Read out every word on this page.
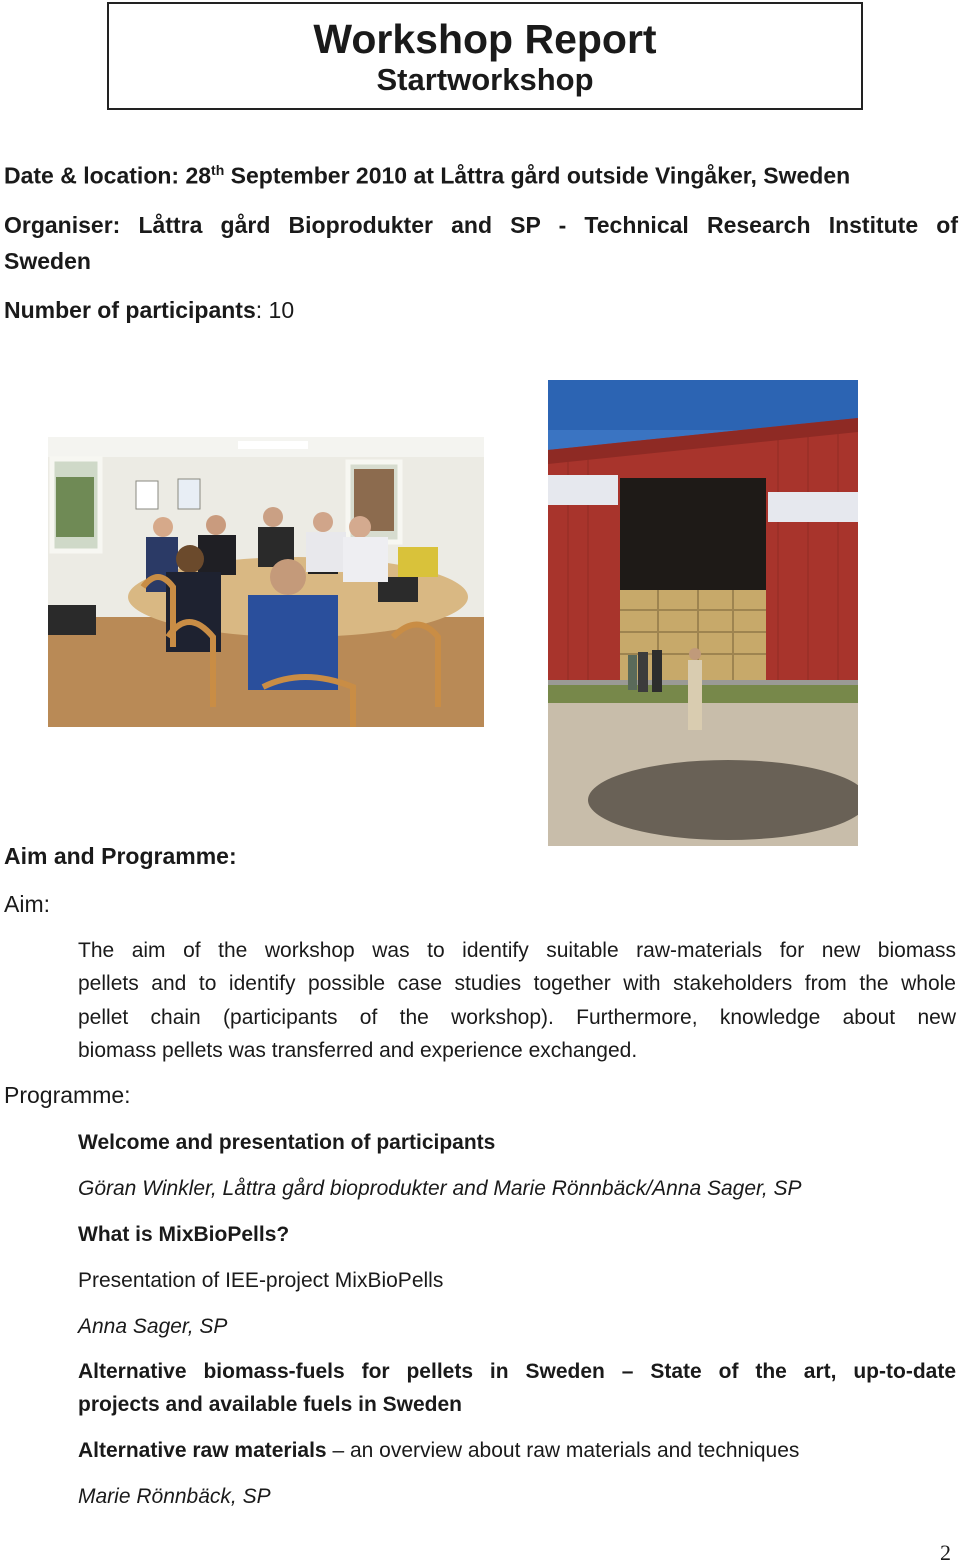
Workshop Report
Startworkshop
Date & location: 28th September 2010 at Låttra gård outside Vingåker, Sweden
Organiser: Låttra gård Bioprodukter and SP - Technical Research Institute of
Sweden
Number of participants: 10
Aim and Programme:
Aim:
The aim of the workshop was to identify suitable raw-materials for new biomass
pellets and to identify possible case studies together with stakeholders from the whole
pellet chain (participants of the workshop). Furthermore, knowledge about new
biomass pellets was transferred and experience exchanged.
Programme:
Welcome and presentation of participants
Göran Winkler, Låttra gård bioprodukter and Marie Rönnbäck/Anna Sager, SP
What is MixBioPells?
Presentation of IEE-project MixBioPells
Anna Sager, SP
Alternative biomass-fuels for pellets in Sweden – State of the art, up-to-date
projects and available fuels in Sweden
Alternative raw materials – an overview about raw materials and techniques
Marie Rönnbäck, SP
2
